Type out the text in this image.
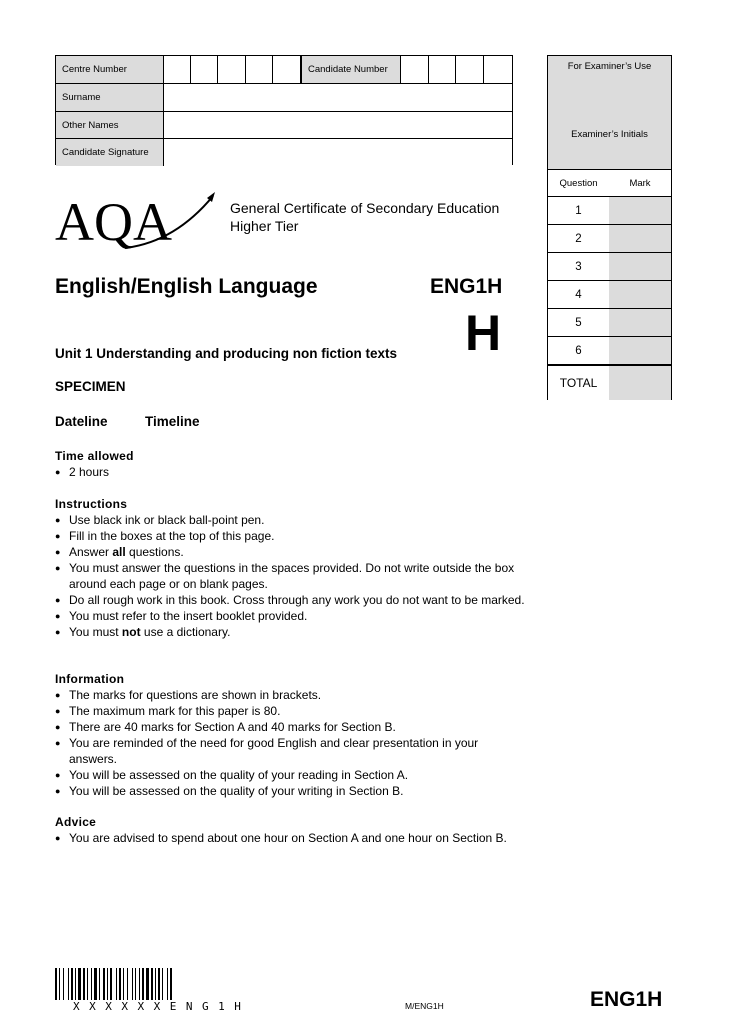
Centre Number	Candidate Number
Surname
Other Names
Candidate Signature
For Examiner’s Use
Examiner’s Initials
Question	Mark
1
2
3
4
5
6
TOTAL
AQA	General Certificate of Secondary Education
Higher Tier
English/English Language	ENG1H
H
Unit 1 Understanding and producing non fiction texts
SPECIMEN
Dateline	Timeline
Time allowed
● 2 hours
Instructions
● Use black ink or black ball-point pen.
● Fill in the boxes at the top of this page.
● Answer all questions.
● You must answer the questions in the spaces provided. Do not write outside the box around each page or on blank pages.
● Do all rough work in this book. Cross through any work you do not want to be marked.
● You must refer to the insert booklet provided.
● You must not use a dictionary.
Information
● The marks for questions are shown in brackets.
● The maximum mark for this paper is 80.
● There are 40 marks for Section A and 40 marks for Section B.
● You are reminded of the need for good English and clear presentation in your answers.
● You will be assessed on the quality of your reading in Section A.
● You will be assessed on the quality of your writing in Section B.
Advice
● You are advised to spend about one hour on Section A and one hour on Section B.
XXXXXXENG1H	M/ENG1H	ENG1H
